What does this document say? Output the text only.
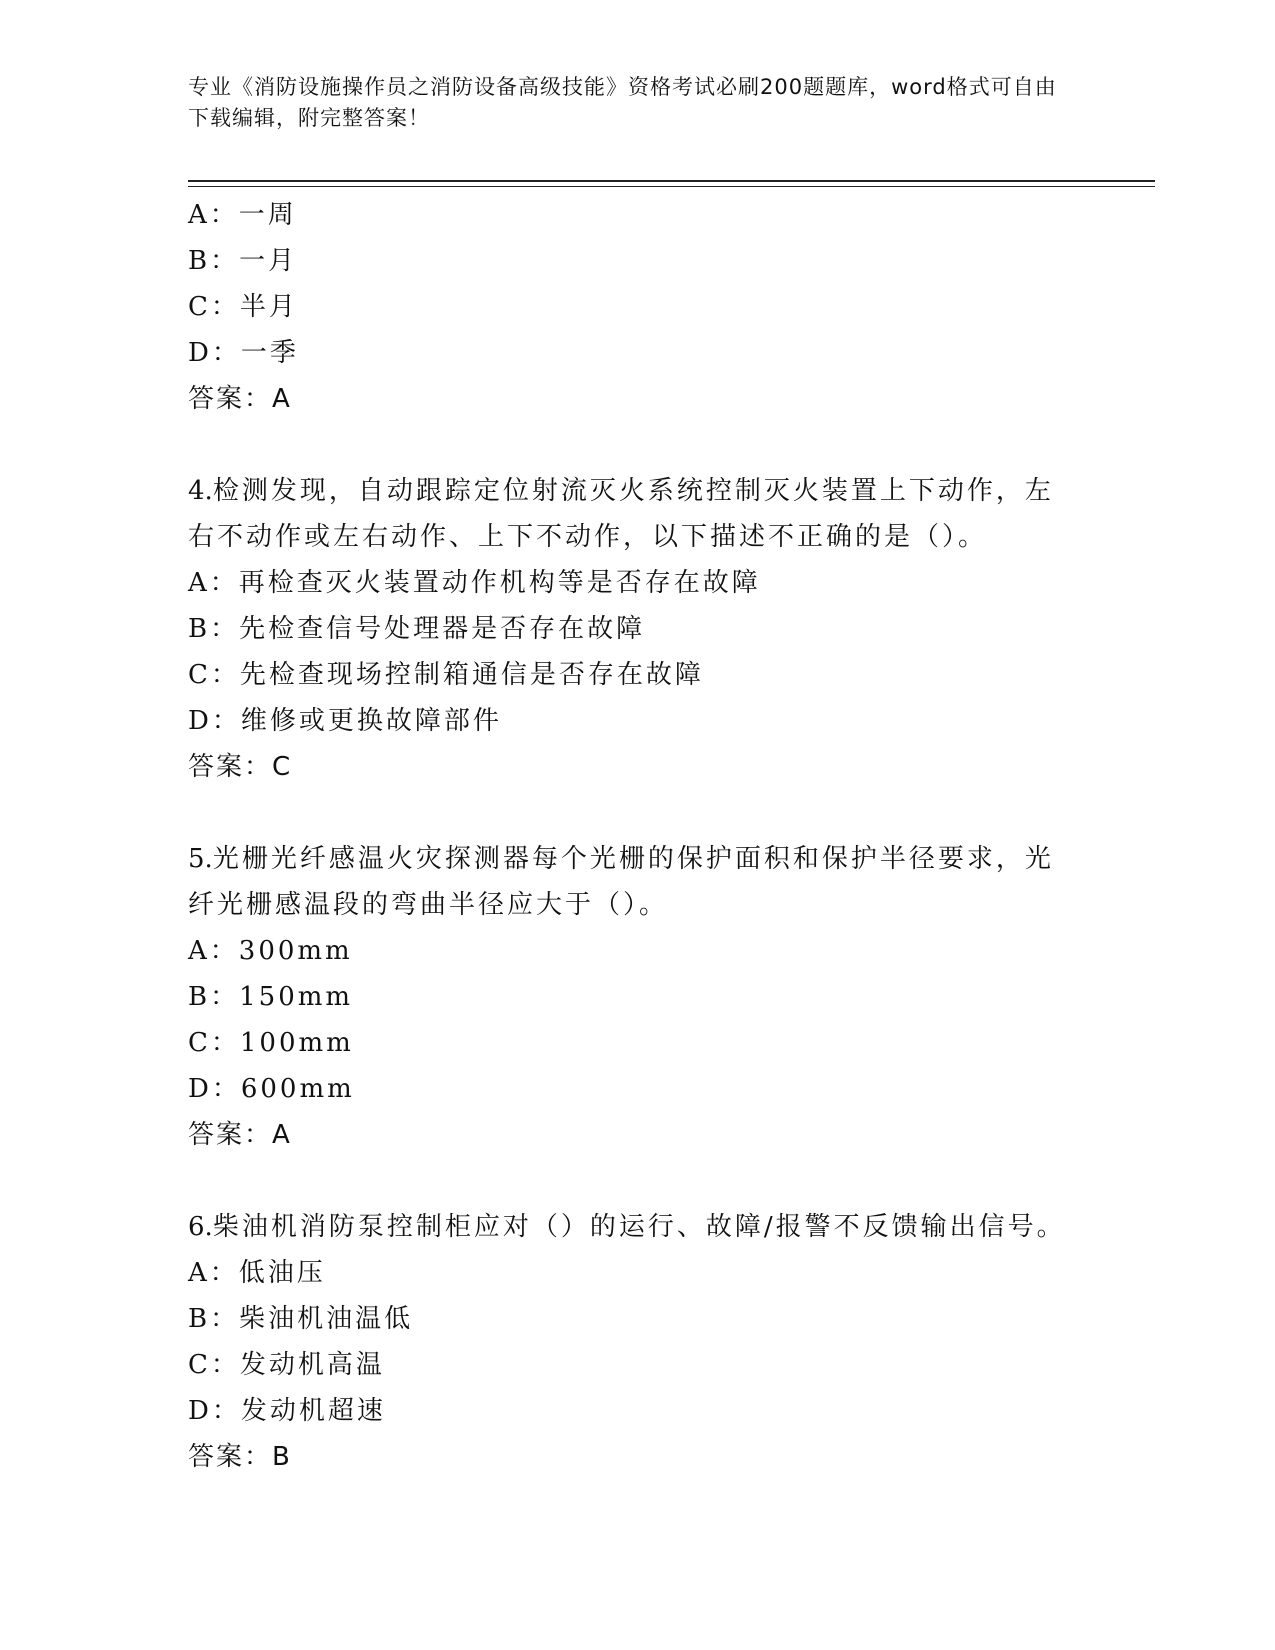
专业《消防设施操作员之消防设备高级技能》资格考试必刷200题题库，word格式可自由下载编辑，附完整答案！
A：一周
B：一月
C：半月
D：一季
答案：A
4.检测发现，自动跟踪定位射流灭火系统控制灭火装置上下动作，左右不动作或左右动作、上下不动作，以下描述不正确的是（）。
A：再检查灭火装置动作机构等是否存在故障
B：先检查信号处理器是否存在故障
C：先检查现场控制箱通信是否存在故障
D：维修或更换故障部件
答案：C
5.光栅光纤感温火灾探测器每个光栅的保护面积和保护半径要求，光纤光栅感温段的弯曲半径应大于（）。
A：300mm
B：150mm
C：100mm
D：600mm
答案：A
6.柴油机消防泵控制柜应对（）的运行、故障/报警不反馈输出信号。
A：低油压
B：柴油机油温低
C：发动机高温
D：发动机超速
答案：B
